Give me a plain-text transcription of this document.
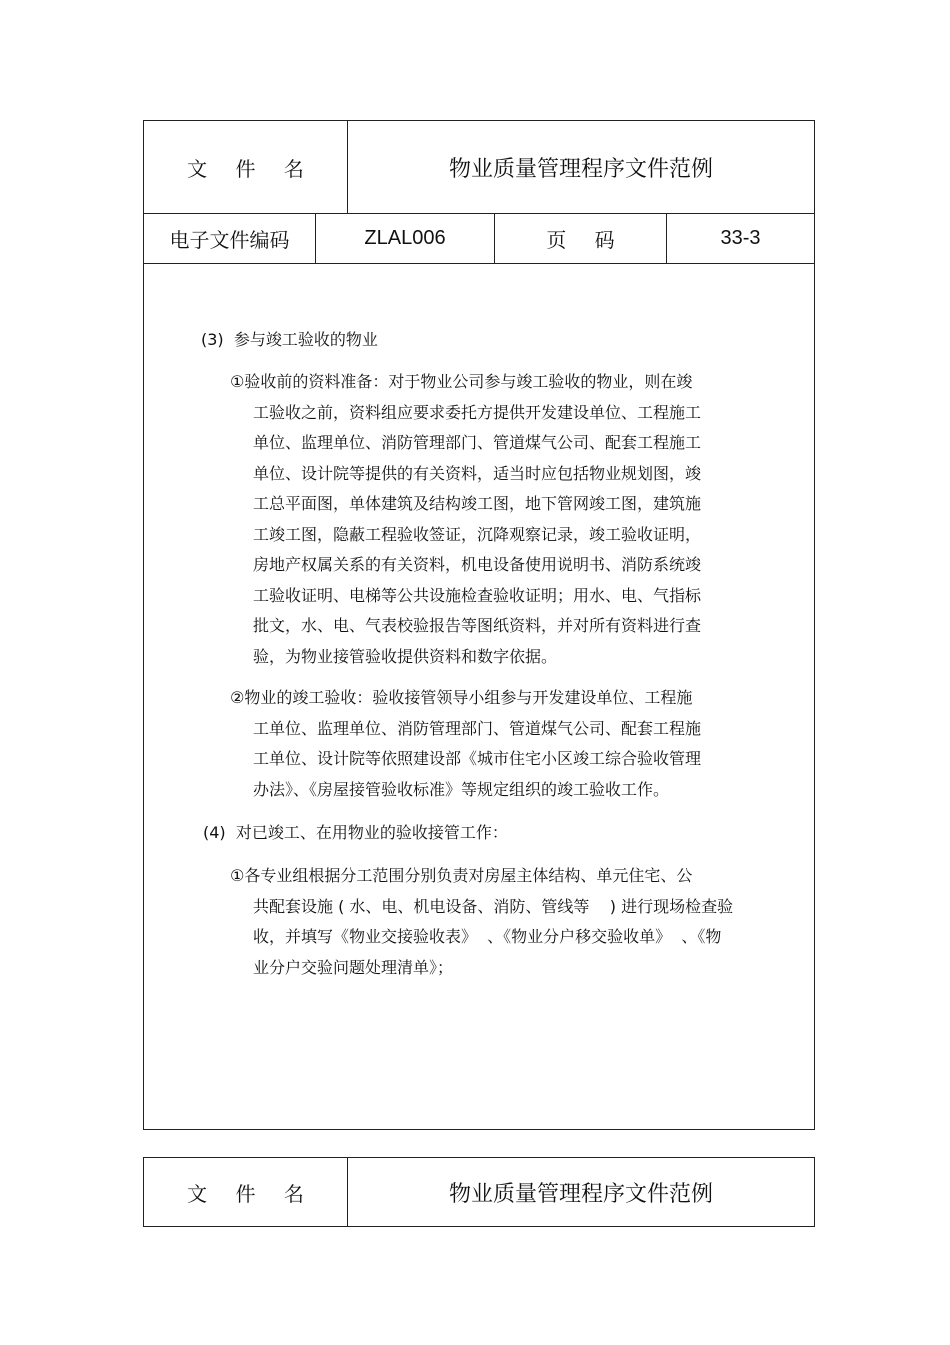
文 件 名	物业质量管理程序文件范例
电子文件编码	ZLAL006	页 码	33-3
(3)  参与竣工验收的物业
①验收前的资料准备：对于物业公司参与竣工验收的物业，则在竣
工验收之前，资料组应要求委托方提供开发建设单位、工程施工
单位、监理单位、消防管理部门、管道煤气公司、配套工程施工
单位、设计院等提供的有关资料，适当时应包括物业规划图，竣
工总平面图，单体建筑及结构竣工图，地下管网竣工图，建筑施
工竣工图，隐蔽工程验收签证，沉降观察记录，竣工验收证明，
房地产权属关系的有关资料，机电设备使用说明书、消防系统竣
工验收证明、电梯等公共设施检查验收证明；用水、电、气指标
批文，水、电、气表校验报告等图纸资料，并对所有资料进行查
验，为物业接管验收提供资料和数字依据。
②物业的竣工验收：验收接管领导小组参与开发建设单位、工程施
工单位、监理单位、消防管理部门、管道煤气公司、配套工程施
工单位、设计院等依照建设部《城市住宅小区竣工综合验收管理
办法》、《房屋接管验收标准》等规定组织的竣工验收工作。
(4)  对已竣工、在用物业的验收接管工作：
①各专业组根据分工范围分别负责对房屋主体结构、单元住宅、公
共配套设施 ( 水、电、机电设备、消防、管线等    ) 进行现场检查验
收，并填写《物业交接验收表》  、《物业分户移交验收单》  、《物
业分户交验问题处理清单》；
文 件 名	物业质量管理程序文件范例
